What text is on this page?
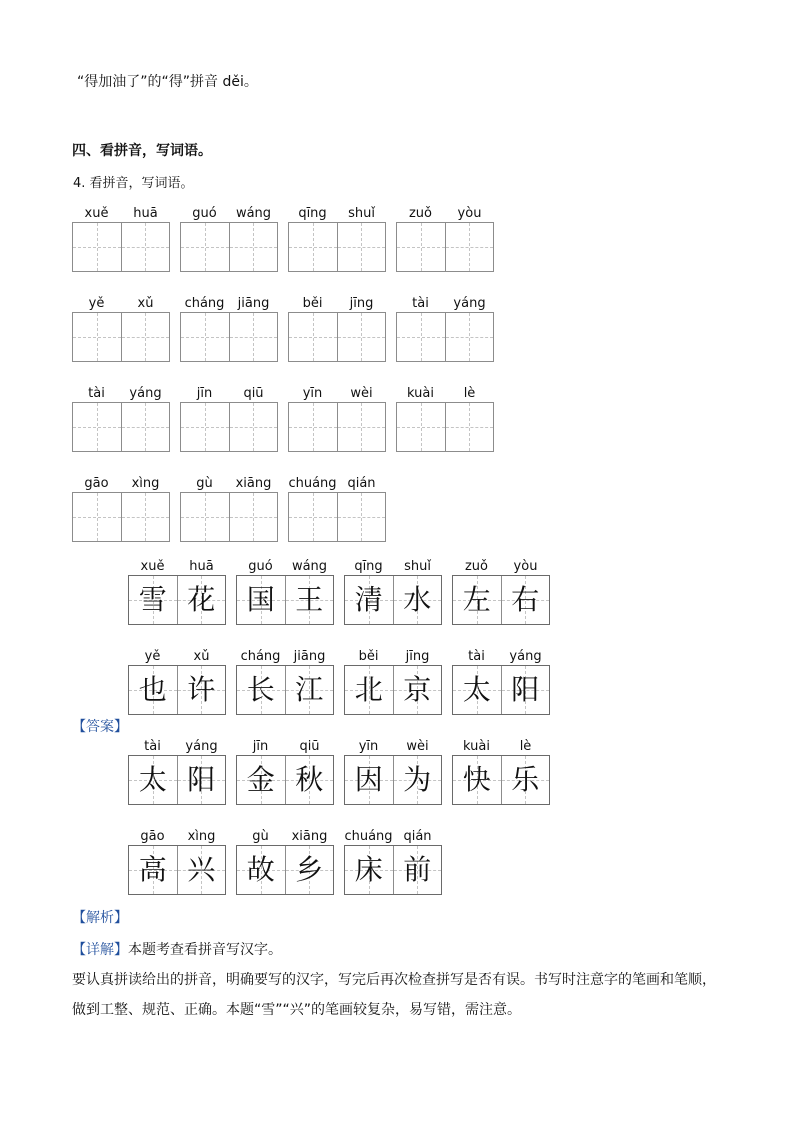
“得加油了”的“得”拼音 děi。
四、看拼音，写词语。
4. 看拼音，写词语。
xuě	huā	guó	wáng	qīng	shuǐ	zuǒ	yòu
yě	xǔ	cháng	jiāng	běi	jīng	tài	yáng
tài	yáng	jīn	qiū	yīn	wèi	kuài	lè
gāo	xìng	gù	xiāng	chuáng qián
xuě	huā
雪 花
guó	wáng
国 王
qīng	shuǐ
清 水
zuǒ	yòu
左 右
yě	xǔ
也 许
cháng	jiāng
长 江
běi	jīng
北 京
tài	yáng
太 阳
【答案】
tài	yáng
太 阳
jīn	qiū
金 秋
yīn	wèi
因 为
kuài	lè
快 乐
gāo	xìng
高 兴
gù	xiāng
故 乡
chuáng qián
床 前
【解析】
【详解】本题考查看拼音写汉字。
要认真拼读给出的拼音，明确要写的汉字，写完后再次检查拼写是否有误。书写时注意字的笔画和笔顺，
做到工整、规范、正确。本题“雪”“兴”的笔画较复杂，易写错，需注意。
